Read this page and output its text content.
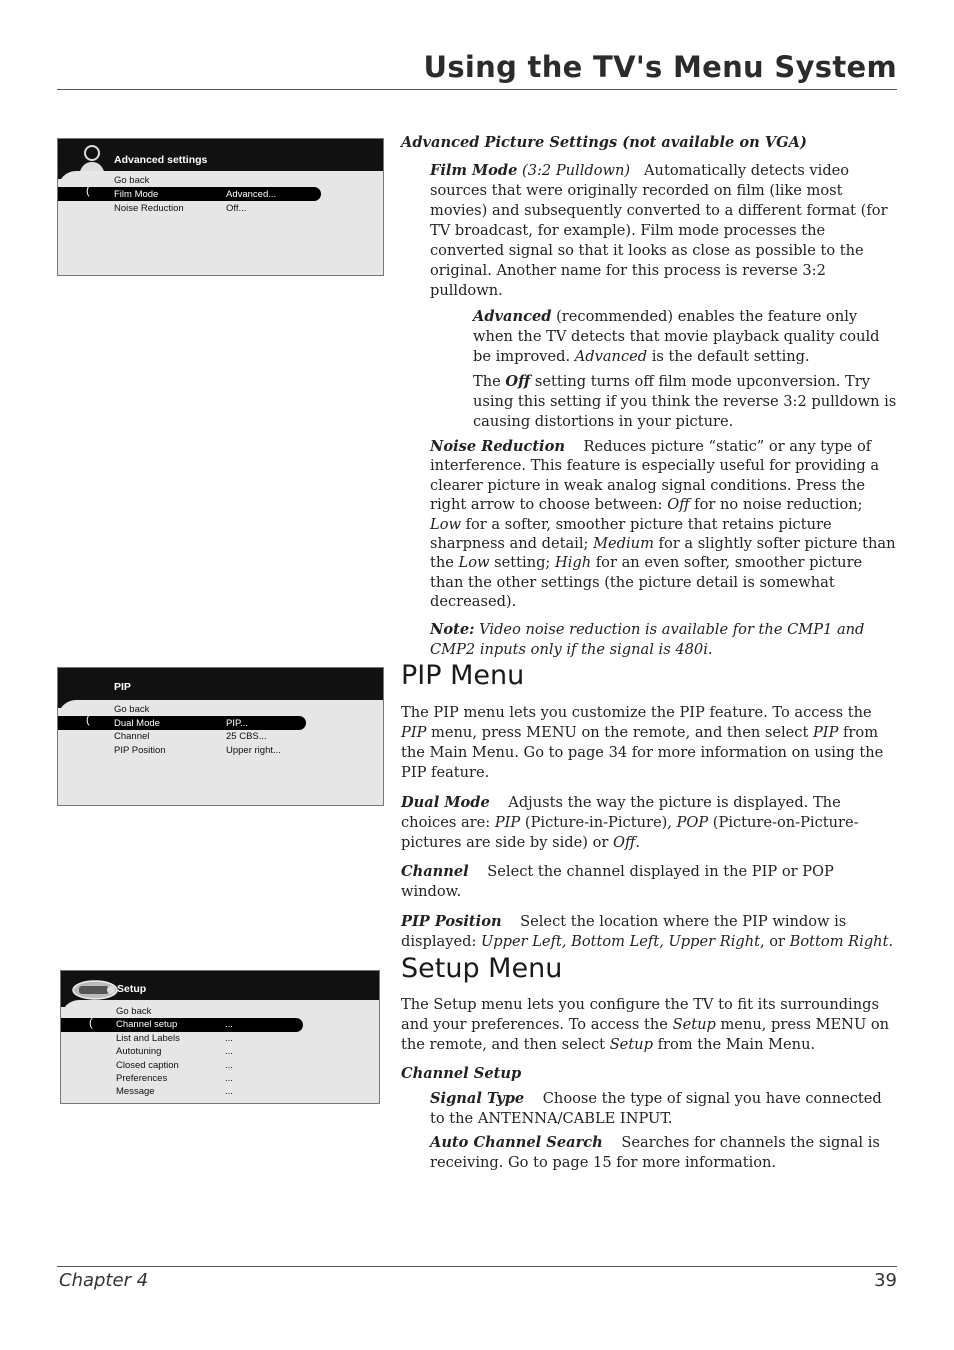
Using the TV's Menu System
Chapter 4	39
Advanced settings
(
Go back
Film Mode	Advanced...
Noise Reduction	Off...
PIP
(
Go back
Dual Mode	PIP...
Channel	25 CBS...
PIP Position	Upper right...
Setup
(
Go back
Channel setup	...
List and Labels	...
Autotuning	...
Closed caption	...
Preferences	...
Message	...

Advanced Picture Settings (not available on VGA)

Film Mode (3:2 Pulldown) Automatically detects video sources that were originally recorded on film (like most movies) and subsequently converted to a different format (for TV broadcast, for example). Film mode processes the converted signal so that it looks as close as possible to the original. Another name for this process is reverse 3:2 pulldown.

Advanced (recommended) enables the feature only when the TV detects that movie playback quality could be improved. Advanced is the default setting.

The Off setting turns off film mode upconversion. Try using this setting if you think the reverse 3:2 pulldown is causing distortions in your picture.

Noise Reduction Reduces picture “static” or any type of interference. This feature is especially useful for providing a clearer picture in weak analog signal conditions. Press the right arrow to choose between: Off for no noise reduction; Low for a softer, smoother picture that retains picture sharpness and detail; Medium for a slightly softer picture than the Low setting; High for an even softer, smoother picture than the other settings (the picture detail is somewhat decreased).

Note: Video noise reduction is available for the CMP1 and CMP2 inputs only if the signal is 480i.

PIP Menu

The PIP menu lets you customize the PIP feature. To access the PIP menu, press MENU on the remote, and then select PIP from the Main Menu. Go to page 34 for more information on using the PIP feature.

Dual Mode Adjusts the way the picture is displayed. The choices are: PIP (Picture-in-Picture), POP (Picture-on-Picture- pictures are side by side) or Off.

Channel Select the channel displayed in the PIP or POP window.

PIP Position Select the location where the PIP window is displayed: Upper Left, Bottom Left, Upper Right, or Bottom Right.

Setup Menu

The Setup menu lets you configure the TV to fit its surroundings and your preferences. To access the Setup menu, press MENU on the remote, and then select Setup from the Main Menu.

Channel Setup

Signal Type Choose the type of signal you have connected to the ANTENNA/CABLE INPUT.

Auto Channel Search Searches for channels the signal is receiving. Go to page 15 for more information.
